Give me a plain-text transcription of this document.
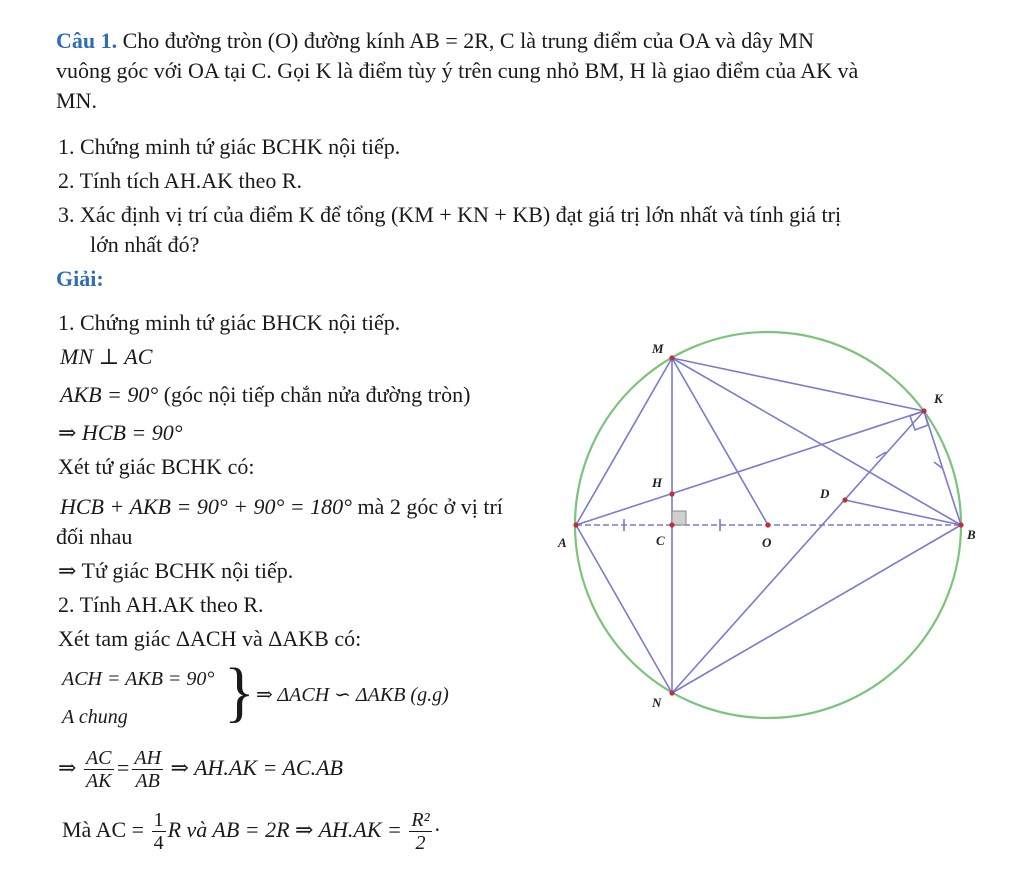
Câu 1. Cho đường tròn (O) đường kính AB = 2R, C là trung điểm của OA và dây MN
vuông góc với OA tại C. Gọi K là điểm tùy ý trên cung nhỏ BM, H là giao điểm của AK và
MN.
1. Chứng minh tứ giác BCHK nội tiếp.
2. Tính tích AH.AK theo R.
3. Xác định vị trí của điểm K để tổng (KM + KN + KB) đạt giá trị lớn nhất và tính giá trị
lớn nhất đó?
Giải:
1. Chứng minh tứ giác BHCK nội tiếp.
MN ⊥ AC
AKB = 90° (góc nội tiếp chắn nửa đường tròn)
⇒ HCB = 90°
Xét tứ giác BCHK có:
HCB + AKB = 90° + 90° = 180° mà 2 góc ở vị trí
đối nhau
⇒ Tứ giác BCHK nội tiếp.
2. Tính AH.AK theo R.
Xét tam giác ΔACH và ΔAKB có:
ACH = AKB = 90°
A chung } ⇒ ΔACH ∽ ΔAKB (g.g)
⇒ $\frac{AC}{AK} = \frac{AH}{AB}$ ⇒ AH.AK = AC.AB
Mà AC = $\frac{1}{4}$ R và AB = 2R ⇒ $AH.AK = \frac{\text{R²}}{2}$ ·
A
B
C	O
M
N
K
H
D
